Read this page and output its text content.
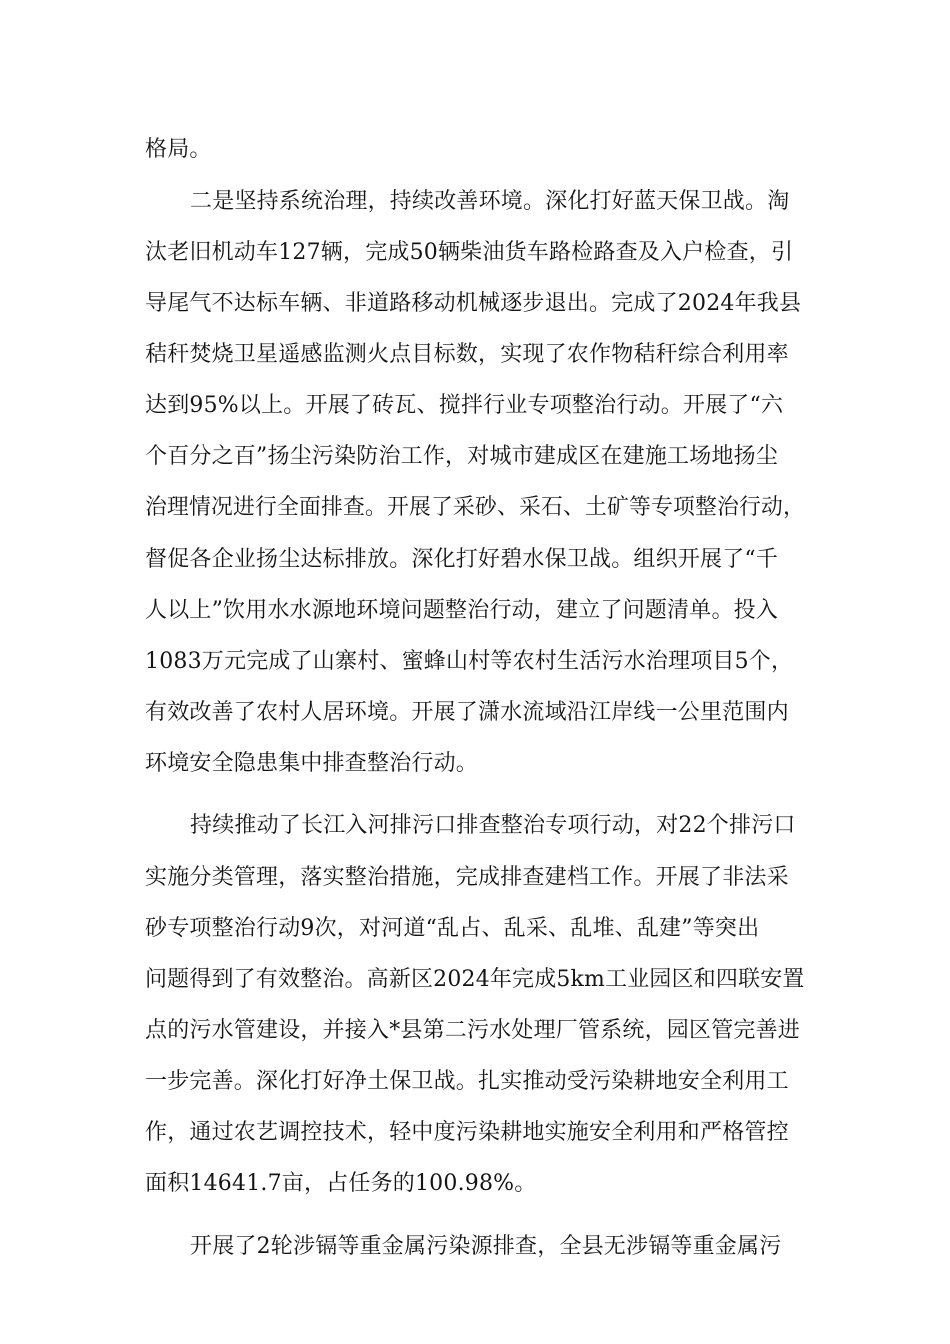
格局。
二是坚持系统治理，持续改善环境。深化打好蓝天保卫战。淘
汰老旧机动车127辆，完成50辆柴油货车路检路查及入户检查，引
导尾气不达标车辆、非道路移动机械逐步退出。完成了2024年我县
秸秆焚烧卫星遥感监测火点目标数，实现了农作物秸秆综合利用率
达到95%以上。开展了砖瓦、搅拌行业专项整治行动。开展了“六
个百分之百”扬尘污染防治工作，对城市建成区在建施工场地扬尘
治理情况进行全面排查。开展了采砂、采石、土矿等专项整治行动，
督促各企业扬尘达标排放。深化打好碧水保卫战。组织开展了“千
人以上”饮用水水源地环境问题整治行动，建立了问题清单。投入
1083万元完成了山寨村、蜜蜂山村等农村生活污水治理项目5个，
有效改善了农村人居环境。开展了潇水流域沿江岸线一公里范围内
环境安全隐患集中排查整治行动。
持续推动了长江入河排污口排查整治专项行动，对22个排污口
实施分类管理，落实整治措施，完成排查建档工作。开展了非法采
砂专项整治行动9次，对河道“乱占、乱采、乱堆、乱建”等突出
问题得到了有效整治。高新区2024年完成5km工业园区和四联安置
点的污水管建设，并接入*县第二污水处理厂管系统，园区管完善进
一步完善。深化打好净土保卫战。扎实推动受污染耕地安全利用工
作，通过农艺调控技术，轻中度污染耕地实施安全利用和严格管控
面积14641.7亩，占任务的100.98%。
开展了2轮涉镉等重金属污染源排查，全县无涉镉等重金属污
